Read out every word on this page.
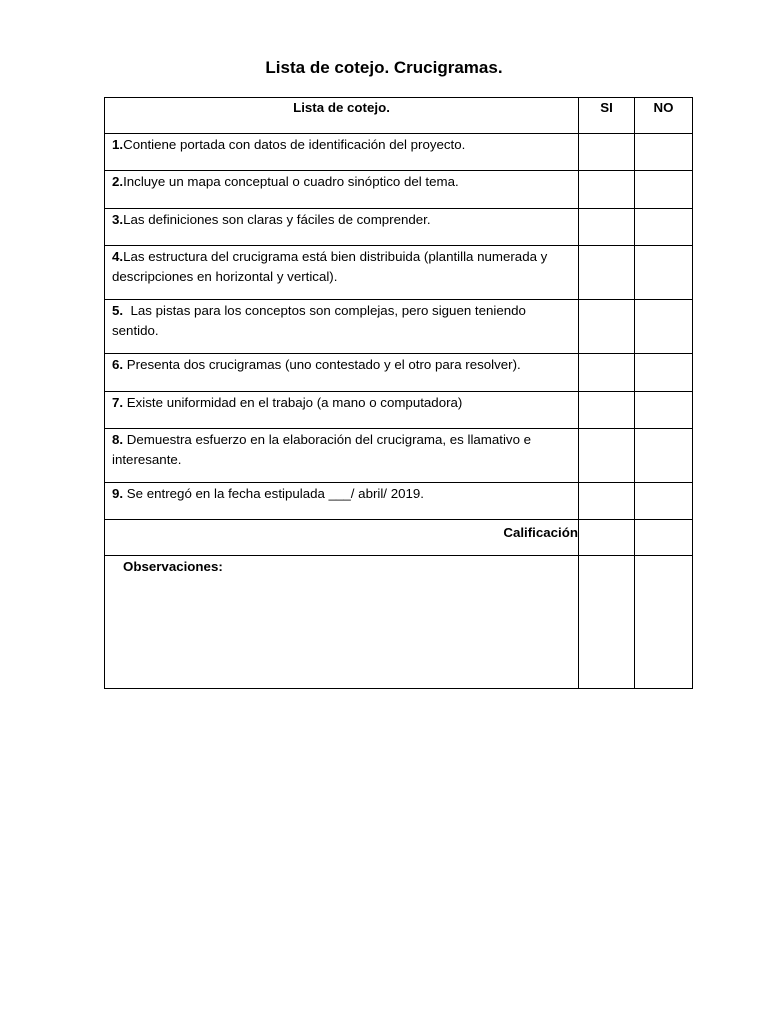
Lista de cotejo. Crucigramas.
Lista de cotejo.	SI	NO
1.Contiene portada con datos de identificación del proyecto.		
2.Incluye un mapa conceptual o cuadro sinóptico del tema.		
3.Las definiciones son claras y fáciles de comprender.		
4.Las estructura del crucigrama está bien distribuida (plantilla numerada y descripciones en horizontal y vertical).		
5.  Las pistas para los conceptos son complejas, pero siguen teniendo sentido.		
6. Presenta dos crucigramas (uno contestado y el otro para resolver).		
7. Existe uniformidad en el trabajo (a mano o computadora)		
8. Demuestra esfuerzo en la elaboración del crucigrama, es llamativo e interesante.		
9. Se entregó en la fecha estipulada ___/ abril/ 2019.		
Calificación		
Observaciones:		
